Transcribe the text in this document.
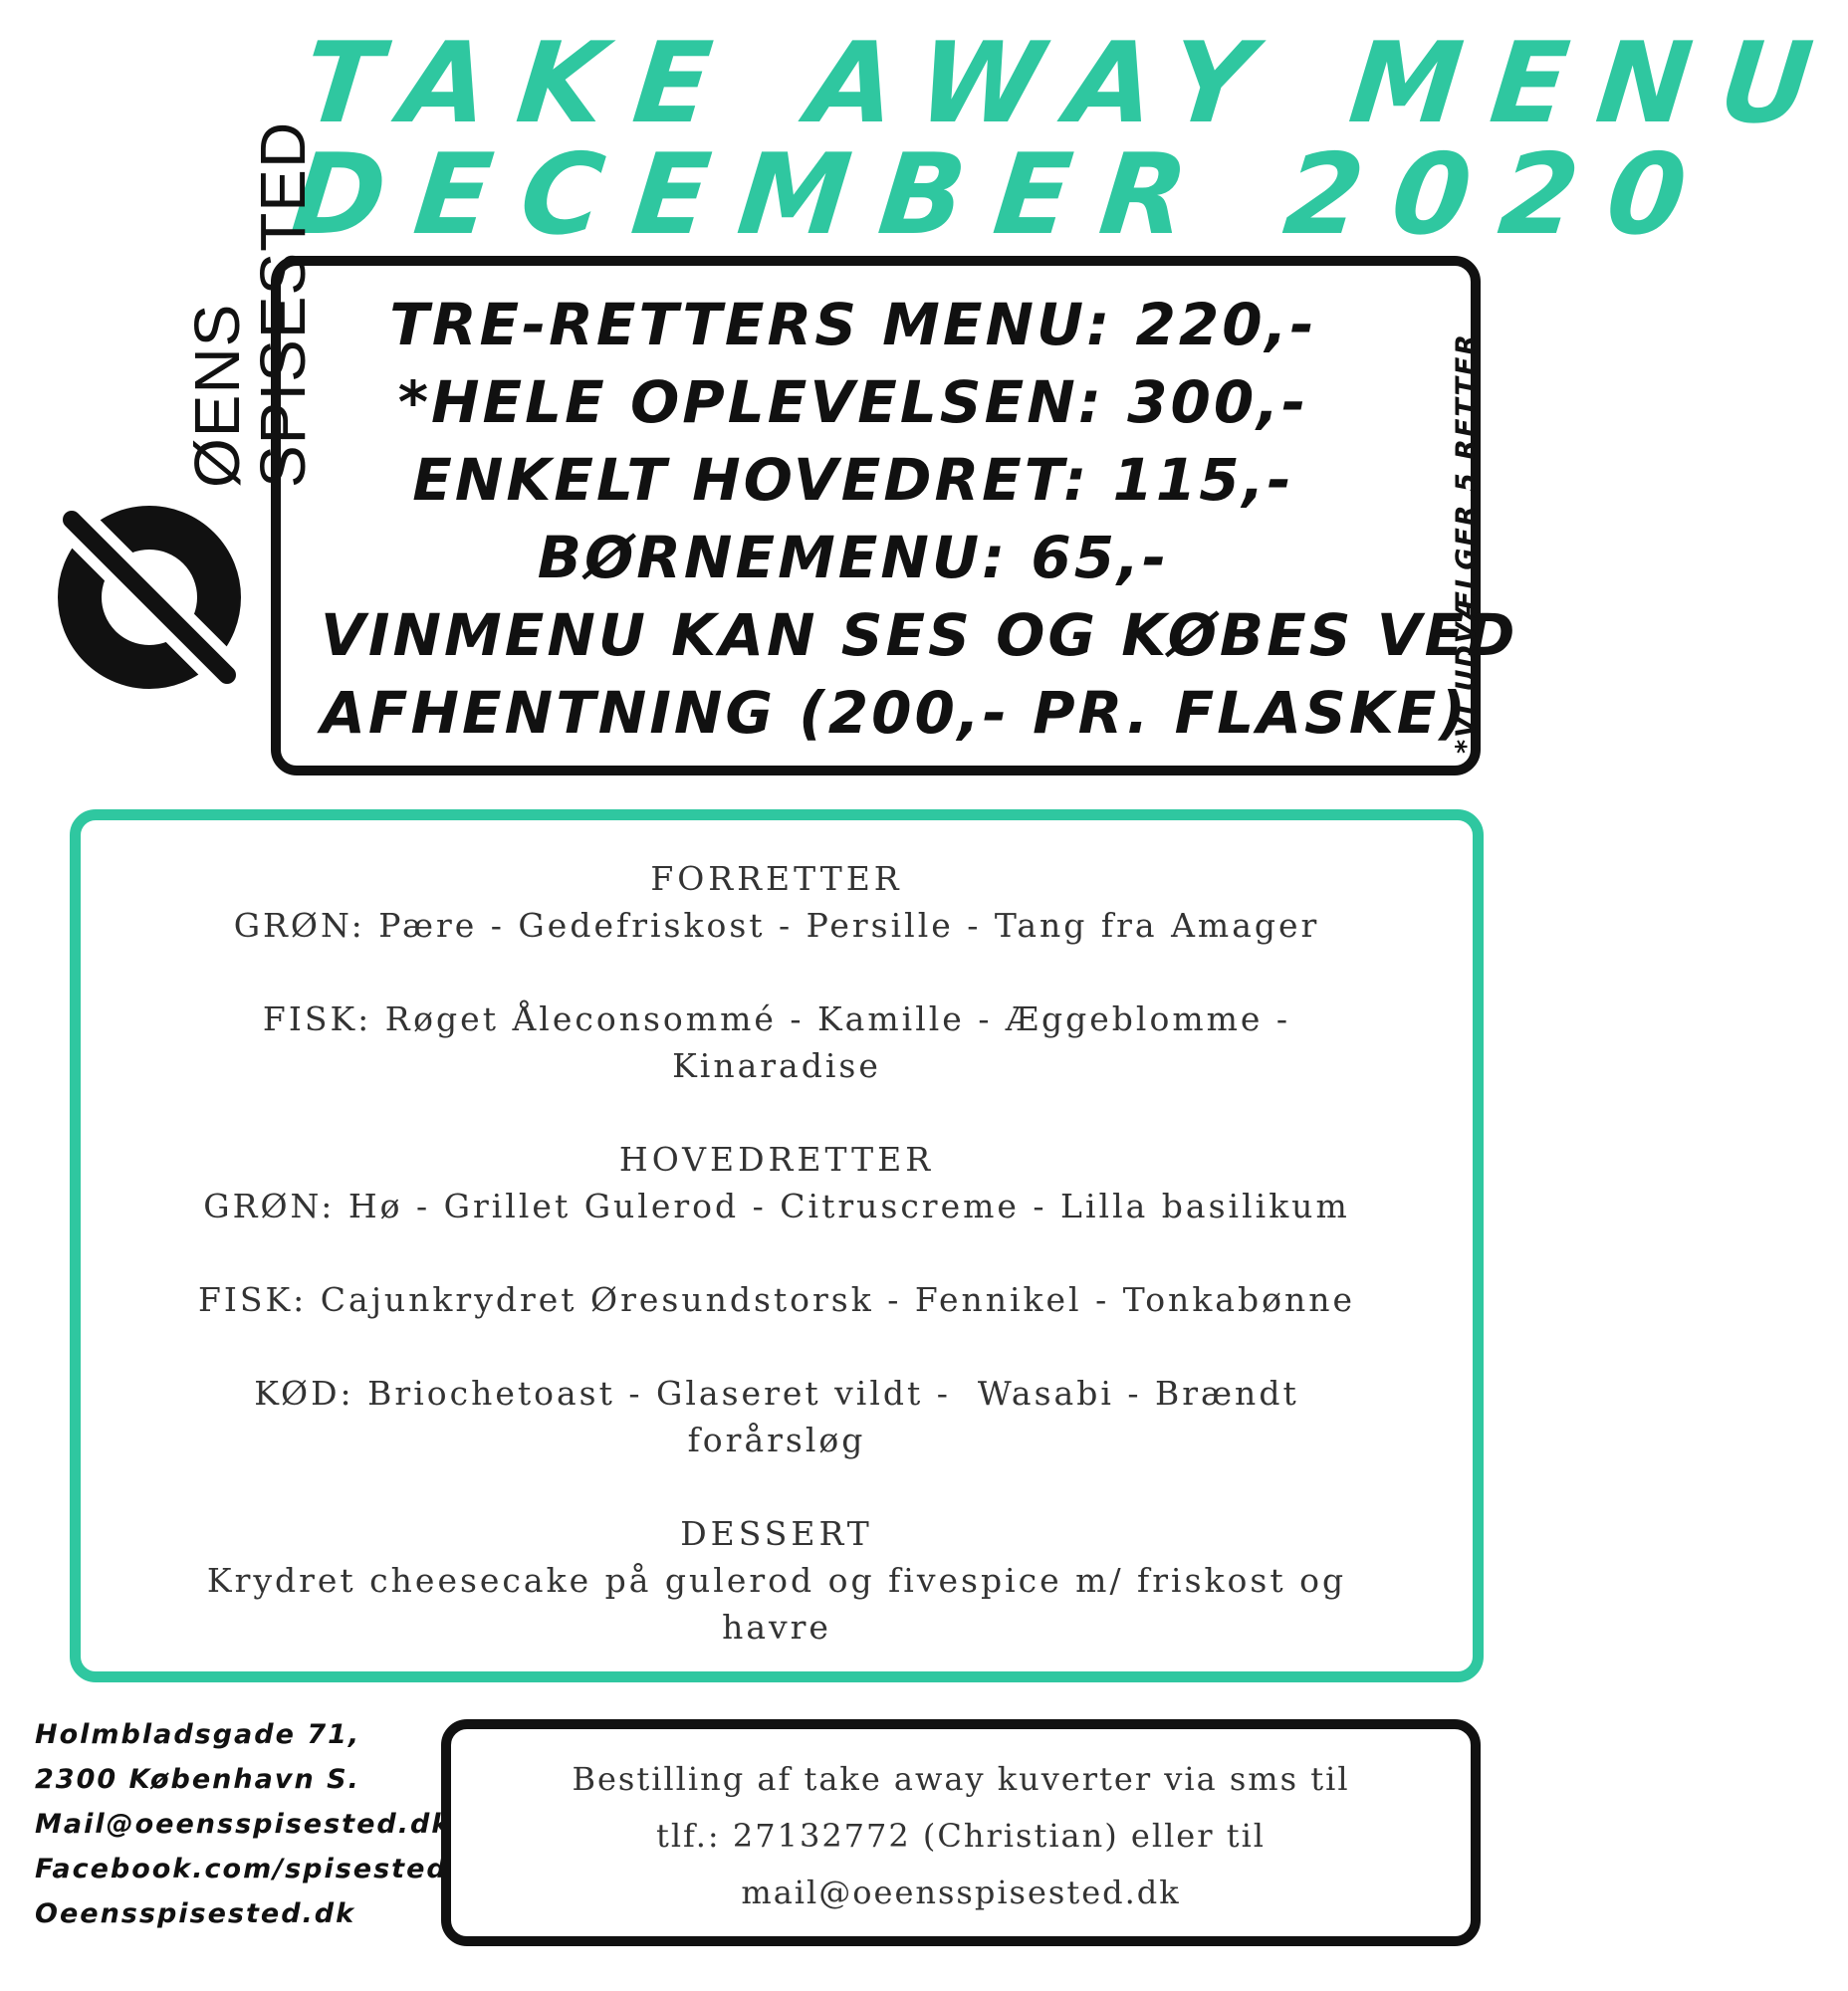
TAKE AWAY MENU
DECEMBER 2020
ØENS
SPISESTED	TRE-RETTERS MENU: 220,-
*HELE OPLEVELSEN: 300,-
ENKELT HOVEDRET: 115,-
BØRNEMENU: 65,-
VINMENU KAN SES OG KØBES VED
AFHENTNING (200,- PR. FLASKE)
*VI UDVÆLGER 5 RETTER
FORRETTER
GRØN: Pære - Gedefriskost - Persille - Tang fra Amager
FISK: Røget Åleconsommé - Kamille - Æggeblomme -
Kinaradise
HOVEDRETTER
GRØN: Hø - Grillet Gulerod - Citruscreme - Lilla basilikum
FISK: Cajunkrydret Øresundstorsk - Fennikel - Tonkabønne
KØD: Briochetoast - Glaseret vildt -  Wasabi - Brændt
forårsløg
DESSERT
Krydret cheesecake på gulerod og fivespice m/ friskost og
havre
Holmbladsgade 71,
2300 København S.
Mail@oeensspisested.dk
Facebook.com/spisested
Oeensspisested.dk
Bestilling af take away kuverter via sms til
tlf.: 27132772 (Christian) eller til
mail@oeensspisested.dk
